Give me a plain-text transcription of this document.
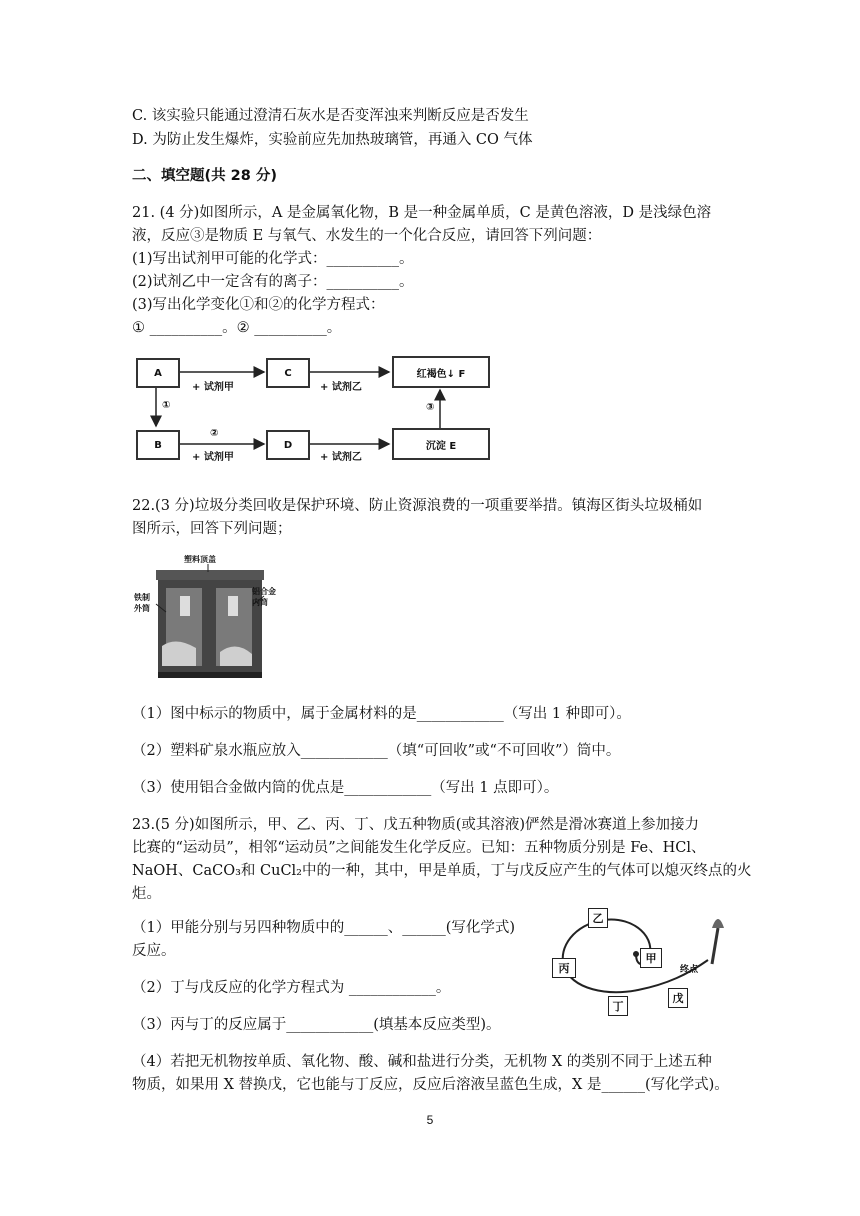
C. 该实验只能通过澄清石灰水是否变浑浊来判断反应是否发生
D. 为防止发生爆炸，实验前应先加热玻璃管，再通入 CO 气体
二、填空题(共 28 分)
21. (4 分)如图所示，A 是金属氧化物，B 是一种金属单质，C 是黄色溶液，D 是浅绿色溶
液，反应③是物质 E 与氧气、水发生的一个化合反应，请回答下列问题：
(1)写出试剂甲可能的化学式：__________。
(2)试剂乙中一定含有的离子：__________。
(3)写出化学变化①和②的化学方程式：
① __________。② __________。
A	C	红褐色↓ F
B	D	沉淀 E
+ 试剂甲	+ 试剂乙
+ 试剂甲	+ 试剂乙
①
②
③
22.(3 分)垃圾分类回收是保护环境、防止资源浪费的一项重要举措。镇海区街头垃圾桶如
图所示，回答下列问题；
塑料顶盖
铁制外筒
铝合金内筒
（1）图中标示的物质中，属于金属材料的是____________（写出 1 种即可）。
（2）塑料矿泉水瓶应放入____________（填“可回收”或“不可回收”）筒中。
（3）使用铝合金做内筒的优点是____________（写出 1 点即可）。
23.(5 分)如图所示，甲、乙、丙、丁、戊五种物质(或其溶液)俨然是滑冰赛道上参加接力
比赛的“运动员”，相邻“运动员”之间能发生化学反应。已知：五种物质分别是 Fe、HCl、
NaOH、CaCO₃和 CuCl₂中的一种，其中，甲是单质，丁与戊反应产生的气体可以熄灭终点的火
炬。
（1）甲能分别与另四种物质中的______、______(写化学式)
反应。
（2）丁与戊反应的化学方程式为 ____________。
（3）丙与丁的反应属于____________(填基本反应类型)。
（4）若把无机物按单质、氧化物、酸、碱和盐进行分类，无机物 X 的类别不同于上述五种
物质，如果用 X 替换戊，它也能与丁反应，反应后溶液呈蓝色生成，X 是______(写化学式)。
乙
甲
丙
丁
戊
终点
5
